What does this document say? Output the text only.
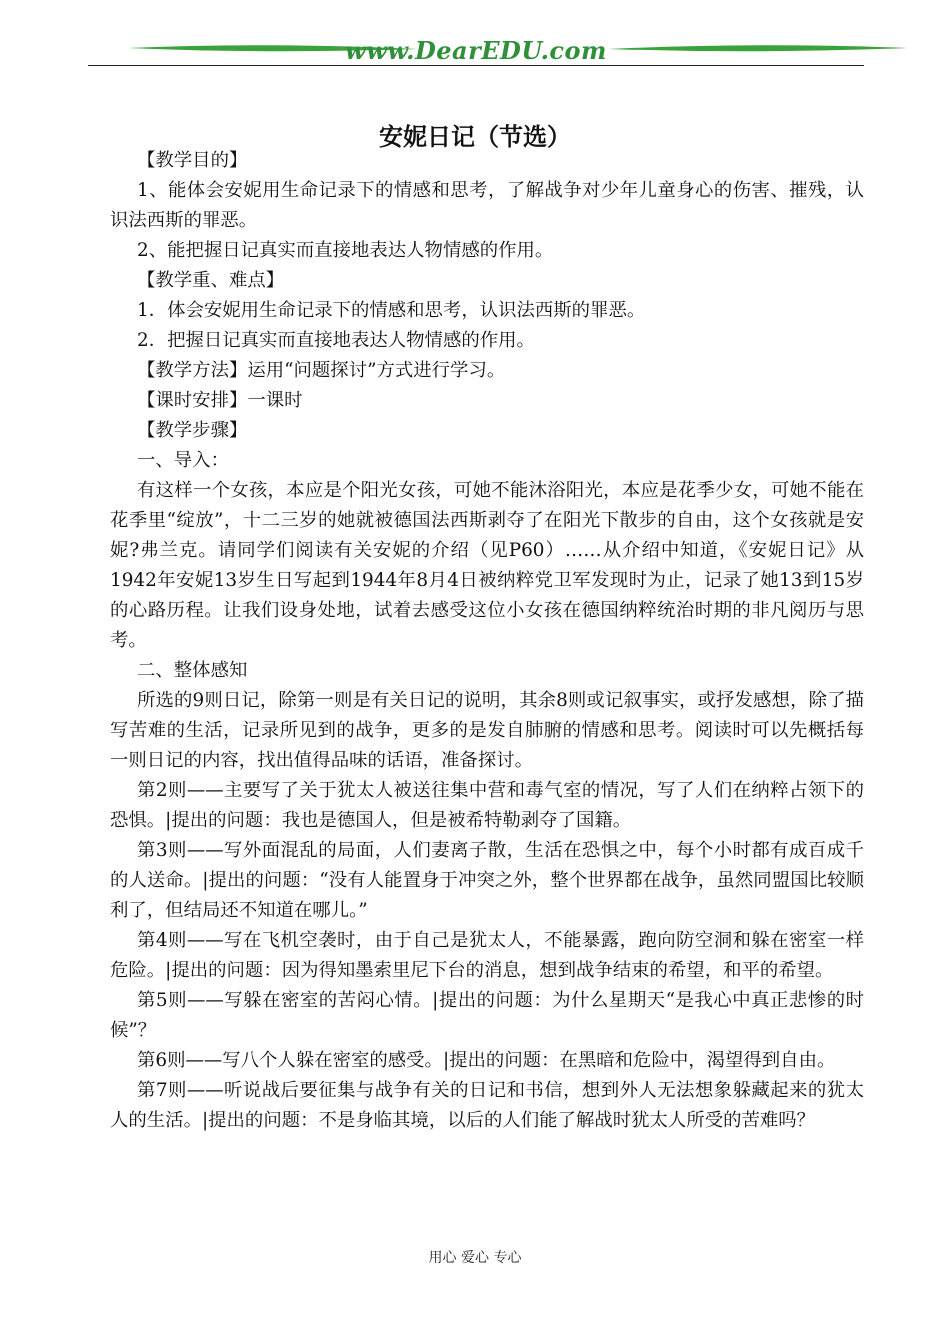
www.DearEDU.com
安妮日记（节选）

【教学目的】

1、能体会安妮用生命记录下的情感和思考，了解战争对少年儿童身心的伤害、摧残，认识法西斯的罪恶。

2、能把握日记真实而直接地表达人物情感的作用。

【教学重、难点】

1．体会安妮用生命记录下的情感和思考，认识法西斯的罪恶。

2．把握日记真实而直接地表达人物情感的作用。

【教学方法】运用“问题探讨”方式进行学习。

【课时安排】一课时

【教学步骤】

一、导入：

有这样一个女孩，本应是个阳光女孩，可她不能沐浴阳光，本应是花季少女，可她不能在花季里“绽放”，十二三岁的她就被德国法西斯剥夺了在阳光下散步的自由，这个女孩就是安妮?弗兰克。请同学们阅读有关安妮的介绍（见P60）……从介绍中知道，《安妮日记》从1942年安妮13岁生日写起到1944年8月4日被纳粹党卫军发现时为止，记录了她13到15岁的心路历程。让我们设身处地，试着去感受这位小女孩在德国纳粹统治时期的非凡阅历与思考。

二、整体感知

所选的9则日记，除第一则是有关日记的说明，其余8则或记叙事实，或抒发感想，除了描写苦难的生活，记录所见到的战争，更多的是发自肺腑的情感和思考。阅读时可以先概括每一则日记的内容，找出值得品味的话语，准备探讨。

第2则——主要写了关于犹太人被送往集中营和毒气室的情况，写了人们在纳粹占领下的恐惧。|提出的问题：我也是德国人，但是被希特勒剥夺了国籍。

第3则——写外面混乱的局面，人们妻离子散，生活在恐惧之中，每个小时都有成百成千的人送命。|提出的问题：“没有人能置身于冲突之外，整个世界都在战争，虽然同盟国比较顺利了，但结局还不知道在哪儿。”

第4则——写在飞机空袭时，由于自己是犹太人，不能暴露，跑向防空洞和躲在密室一样危险。|提出的问题：因为得知墨索里尼下台的消息，想到战争结束的希望，和平的希望。

第5则——写躲在密室的苦闷心情。|提出的问题：为什么星期天“是我心中真正悲惨的时候”？

第6则——写八个人躲在密室的感受。|提出的问题：在黑暗和危险中，渴望得到自由。

第7则——听说战后要征集与战争有关的日记和书信，想到外人无法想象躲藏起来的犹太人的生活。|提出的问题：不是身临其境，以后的人们能了解战时犹太人所受的苦难吗？

用心 爱心 专心
